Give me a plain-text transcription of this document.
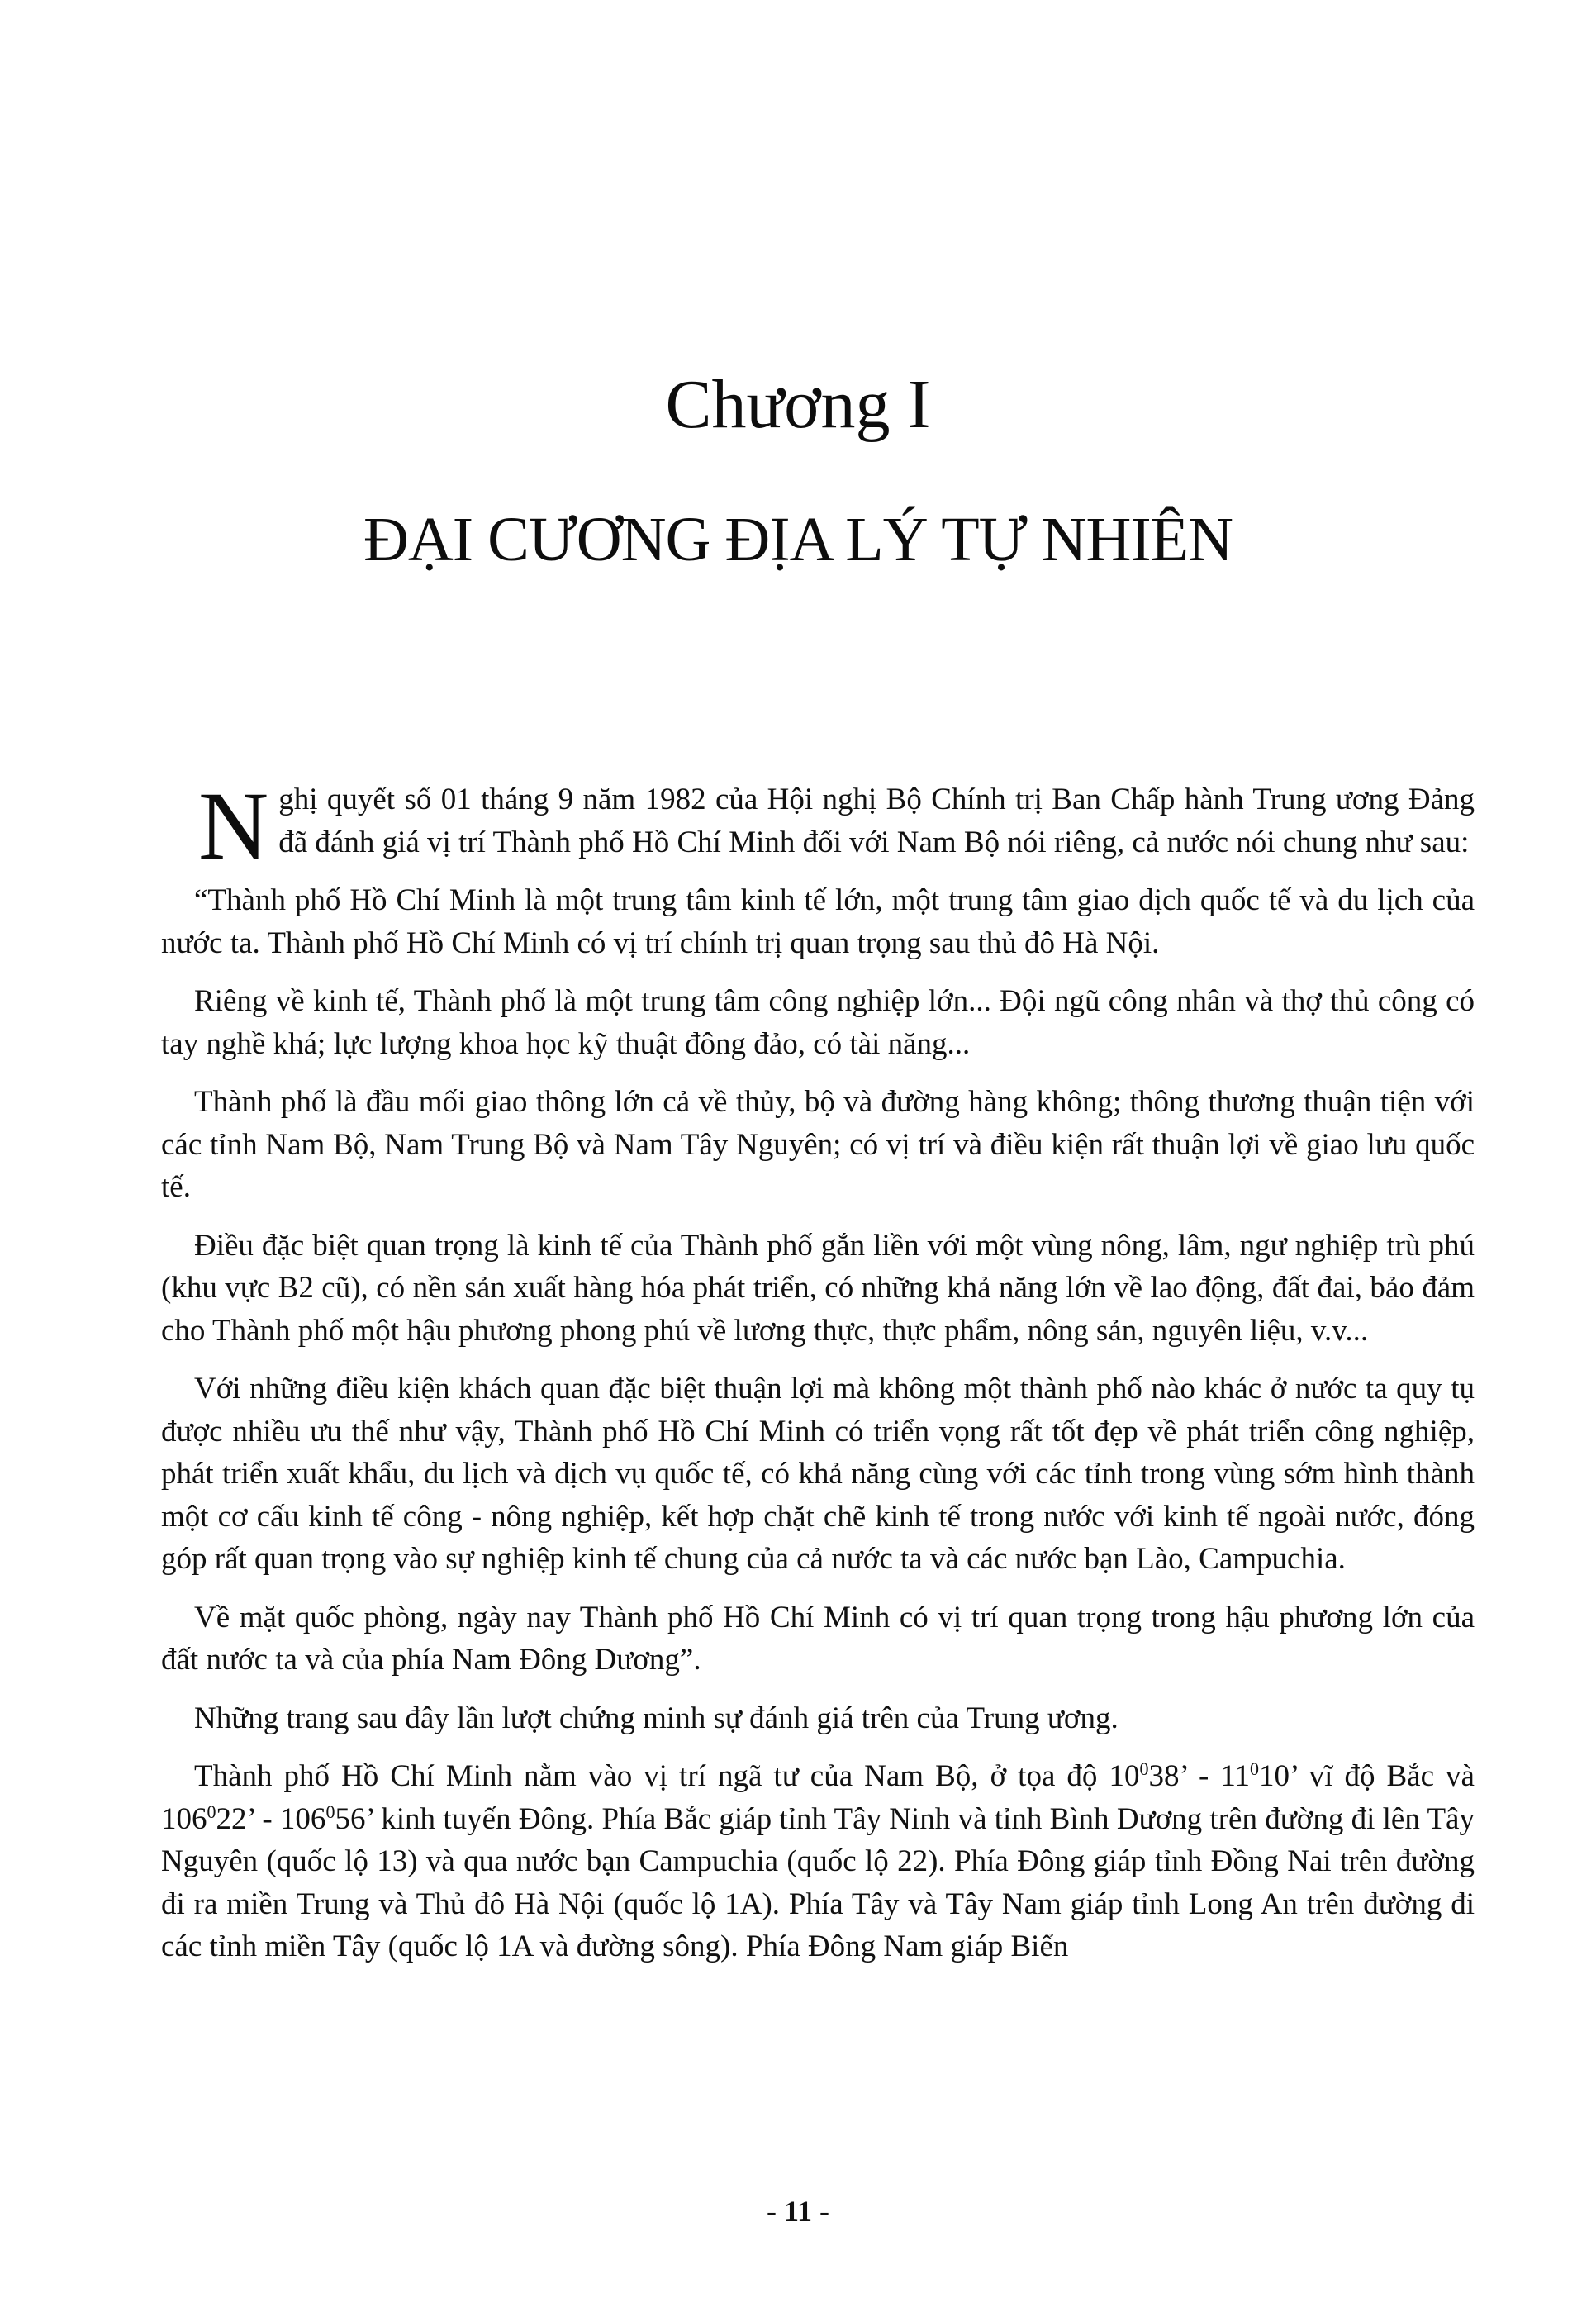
Chương I
ĐẠI CƯƠNG ĐỊA LÝ TỰ NHIÊN

Nghị quyết số 01 tháng 9 năm 1982 của Hội nghị Bộ Chính trị Ban Chấp hành Trung ương Đảng đã đánh giá vị trí Thành phố Hồ Chí Minh đối với Nam Bộ nói riêng, cả nước nói chung như sau:

“Thành phố Hồ Chí Minh là một trung tâm kinh tế lớn, một trung tâm giao dịch quốc tế và du lịch của nước ta. Thành phố Hồ Chí Minh có vị trí chính trị quan trọng sau thủ đô Hà Nội.

Riêng về kinh tế, Thành phố là một trung tâm công nghiệp lớn... Đội ngũ công nhân và thợ thủ công có tay nghề khá; lực lượng khoa học kỹ thuật đông đảo, có tài năng...

Thành phố là đầu mối giao thông lớn cả về thủy, bộ và đường hàng không; thông thương thuận tiện với các tỉnh Nam Bộ, Nam Trung Bộ và Nam Tây Nguyên; có vị trí và điều kiện rất thuận lợi về giao lưu quốc tế.

Điều đặc biệt quan trọng là kinh tế của Thành phố gắn liền với một vùng nông, lâm, ngư nghiệp trù phú (khu vực B2 cũ), có nền sản xuất hàng hóa phát triển, có những khả năng lớn về lao động, đất đai, bảo đảm cho Thành phố một hậu phương phong phú về lương thực, thực phẩm, nông sản, nguyên liệu, v.v...

Với những điều kiện khách quan đặc biệt thuận lợi mà không một thành phố nào khác ở nước ta quy tụ được nhiều ưu thế như vậy, Thành phố Hồ Chí Minh có triển vọng rất tốt đẹp về phát triển công nghiệp, phát triển xuất khẩu, du lịch và dịch vụ quốc tế, có khả năng cùng với các tỉnh trong vùng sớm hình thành một cơ cấu kinh tế công - nông nghiệp, kết hợp chặt chẽ kinh tế trong nước với kinh tế ngoài nước, đóng góp rất quan trọng vào sự nghiệp kinh tế chung của cả nước ta và các nước bạn Lào, Campuchia.

Về mặt quốc phòng, ngày nay Thành phố Hồ Chí Minh có vị trí quan trọng trong hậu phương lớn của đất nước ta và của phía Nam Đông Dương”.

Những trang sau đây lần lượt chứng minh sự đánh giá trên của Trung ương.

Thành phố Hồ Chí Minh nằm vào vị trí ngã tư của Nam Bộ, ở tọa độ $10^038$’ - $11^010$’ vĩ độ Bắc và $106^022$’ - $106^056$’ kinh tuyến Đông. Phía Bắc giáp tỉnh Tây Ninh và tỉnh Bình Dương trên đường đi lên Tây Nguyên (quốc lộ 13) và qua nước bạn Campuchia (quốc lộ 22). Phía Đông giáp tỉnh Đồng Nai trên đường đi ra miền Trung và Thủ đô Hà Nội (quốc lộ 1A). Phía Tây và Tây Nam giáp tỉnh Long An trên đường đi các tỉnh miền Tây (quốc lộ 1A và đường sông). Phía Đông Nam giáp Biển

- 11 -
